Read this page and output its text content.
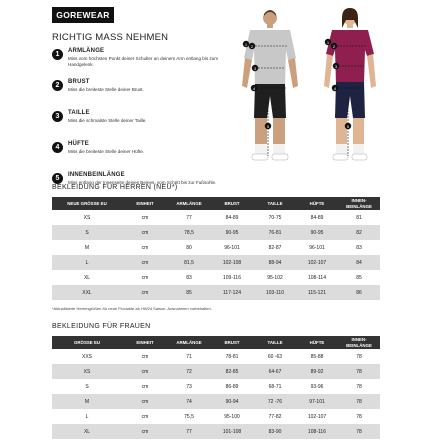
GOREWEAR
RICHTIG MASS NEHMEN
1	ARMLÄNGE
Miss vom höchsten Punkt deiner Schulter an deinem Arm entlang bis zum Handgelenk.
2	BRUST
Miss die breiteste Stelle deiner Brust.
3	TAILLE
Miss die schmalste Stelle deiner Taille.
4	HÜFTE
Miss die breiteste Stelle deiner Hüfte.
5	INNENBEINLÄNGE
Miss entlang der Innenseite deines Beines, vom Schritt bis zur Fußsohle.
2
3
4
1
5
2
3
4
1
5
BEKLEIDUNG FÜR HERREN (NEU*)
NEUE GRÖSSE EU	EINHEIT	ARMLÄNGE	BRUST	TAILLE	HÜFTE	INNEN-
BEINLÄNGE
XS	cm	77	84-89	70-75	84-89	81
S	cm	78,5	90-95	76-81	90-95	82
M	cm	80	96-101	82-87	96-101	83
L	cm	81,5	102-108	88-94	102-107	84
XL	cm	83	109-116	95-102	108-114	85
XXL	cm	85	117-124	103-110	115-121	86
*Aktualisierte Herrengrößen für neue Produkte ab HW24 Saison. Ausnahmen vorbehalten.
BEKLEIDUNG FÜR FRAUEN
GRÖSSE EU	EINHEIT	ARMLÄNGE	BRUST	TAILLE	HÜFTE	INNEN-
BEINLÄNGE
XXS	cm	71	78-81	60 -63	85-88	78
XS	cm	72	82-85	64-67	89-92	78
S	cm	73	86-89	68-71	93-96	78
M	cm	74	90-94	72 -76	97-101	78
L	cm	75,5	95-100	77-82	102-107	78
XL	cm	77	101-108	83-90	108-116	78
